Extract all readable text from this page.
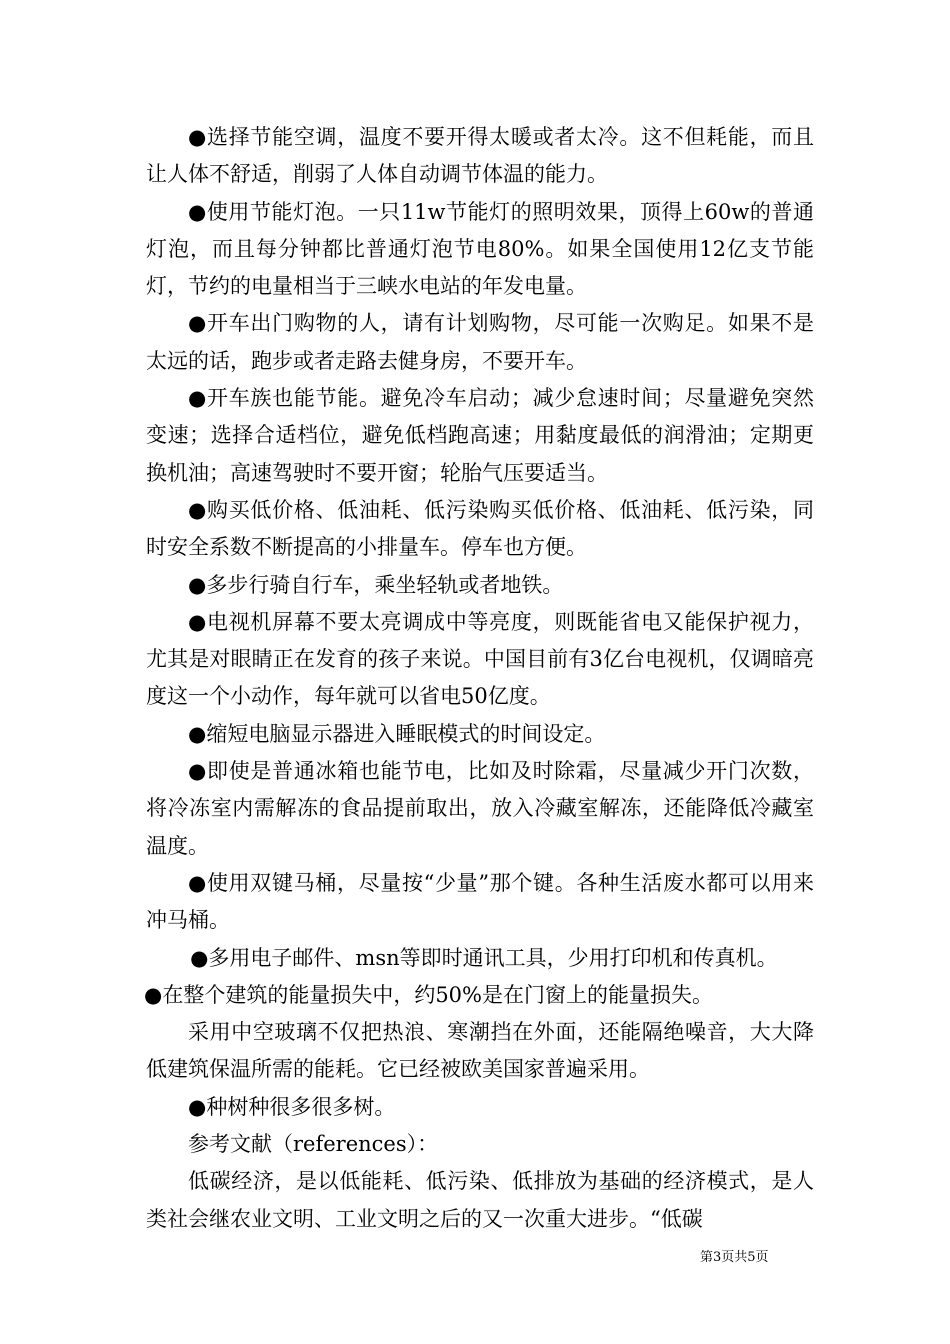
●选择节能空调，温度不要开得太暖或者太冷。这不但耗能，而且让人体不舒适，削弱了人体自动调节体温的能力。

●使用节能灯泡。一只11w节能灯的照明效果，顶得上60w的普通灯泡，而且每分钟都比普通灯泡节电80%。如果全国使用12亿支节能灯，节约的电量相当于三峡水电站的年发电量。

●开车出门购物的人，请有计划购物，尽可能一次购足。如果不是太远的话，跑步或者走路去健身房，不要开车。

●开车族也能节能。避免冷车启动；减少怠速时间；尽量避免突然变速；选择合适档位，避免低档跑高速；用黏度最低的润滑油；定期更换机油；高速驾驶时不要开窗；轮胎气压要适当。

●购买低价格、低油耗、低污染购买低价格、低油耗、低污染，同时安全系数不断提高的小排量车。停车也方便。

●多步行骑自行车，乘坐轻轨或者地铁。

●电视机屏幕不要太亮调成中等亮度，则既能省电又能保护视力，尤其是对眼睛正在发育的孩子来说。中国目前有3亿台电视机，仅调暗亮度这一个小动作，每年就可以省电50亿度。

●缩短电脑显示器进入睡眠模式的时间设定。

●即使是普通冰箱也能节电，比如及时除霜，尽量减少开门次数，将冷冻室内需解冻的食品提前取出，放入冷藏室解冻，还能降低冷藏室温度。

●使用双键马桶，尽量按“少量”那个键。各种生活废水都可以用来冲马桶。

●多用电子邮件、msn等即时通讯工具，少用打印机和传真机。

●在整个建筑的能量损失中，约50%是在门窗上的能量损失。

采用中空玻璃不仅把热浪、寒潮挡在外面，还能隔绝噪音，大大降低建筑保温所需的能耗。它已经被欧美国家普遍采用。

●种树种很多很多树。

参考文献（references）：

低碳经济，是以低能耗、低污染、低排放为基础的经济模式，是人类社会继农业文明、工业文明之后的又一次重大进步。“低碳

第3页共5页
